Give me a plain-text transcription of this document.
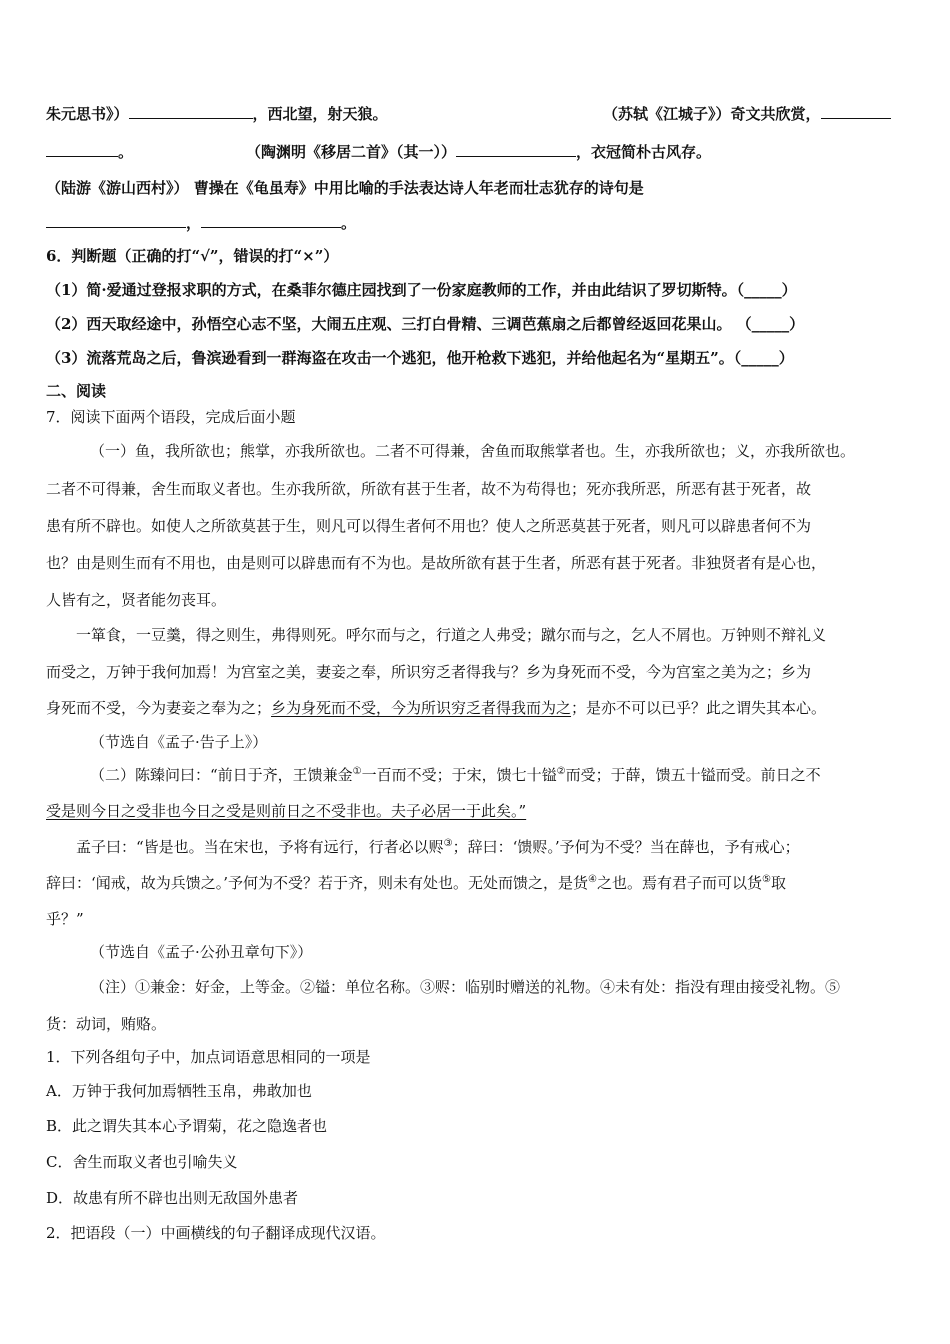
朱元思书》）	，西北望，射天狼。	（苏轼《江城子》）奇文共欣赏，
。	（陶渊明《移居二首》（其一））	，衣冠简朴古风存。
（陆游《游山西村》） 曹操在《龟虽寿》中用比喻的手法表达诗人年老而壮志犹存的诗句是
，	。
6．判断题（正确的打“√”，错误的打“×”）
（1）简·爱通过登报求职的方式，在桑菲尔德庄园找到了一份家庭教师的工作，并由此结识了罗切斯特。（_____）
（2）西天取经途中，孙悟空心志不坚，大闹五庄观、三打白骨精、三调芭蕉扇之后都曾经返回花果山。 （_____）
（3）流落荒岛之后，鲁滨逊看到一群海盗在攻击一个逃犯，他开枪救下逃犯，并给他起名为“星期五”。（_____）
二、阅读
7．阅读下面两个语段，完成后面小题
（一）鱼，我所欲也；熊掌，亦我所欲也。二者不可得兼，舍鱼而取熊掌者也。生，亦我所欲也；义，亦我所欲也。
二者不可得兼，舍生而取义者也。生亦我所欲，所欲有甚于生者，故不为苟得也；死亦我所恶，所恶有甚于死者，故
患有所不辟也。如使人之所欲莫甚于生，则凡可以得生者何不用也？使人之所恶莫甚于死者，则凡可以辟患者何不为
也？由是则生而有不用也，由是则可以辟患而有不为也。是故所欲有甚于生者，所恶有甚于死者。非独贤者有是心也，
人皆有之，贤者能勿丧耳。
一箪食，一豆羹，得之则生，弗得则死。呼尔而与之，行道之人弗受；蹴尔而与之，乞人不屑也。万钟则不辩礼义
而受之，万钟于我何加焉！为宫室之美，妻妾之奉，所识穷乏者得我与？乡为身死而不受，今为宫室之美为之；乡为
身死而不受，今为妻妾之奉为之；乡为身死而不受，今为所识穷乏者得我而为之；是亦不可以已乎？此之谓失其本心。
（节选自《孟子·告子上》）
（二）陈臻问曰：“前日于齐，王馈兼金①一百而不受；于宋，馈七十镒②而受；于薛，馈五十镒而受。前日之不
受是则今日之受非也今日之受是则前日之不受非也。夫子必居一于此矣。”
孟子曰：“皆是也。当在宋也，予将有远行，行者必以赆③；辞曰：‘馈赆。’予何为不受？当在薛也，予有戒心；
辞曰：‘闻戒，故为兵馈之。’予何为不受？若于齐，则未有处也。无处而馈之，是货④之也。焉有君子而可以货⑤取
乎？”
（节选自《孟子·公孙丑章句下》）
（注）①兼金：好金，上等金。②镒：单位名称。③赆：临别时赠送的礼物。④未有处：指没有理由接受礼物。⑤
货：动词，贿赂。
1．下列各组句子中，加点词语意思相同的一项是
A．万钟于我何加焉牺牲玉帛，弗敢加也
B．此之谓失其本心予谓菊，花之隐逸者也
C．舍生而取义者也引喻失义
D．故患有所不辟也出则无敌国外患者
2．把语段（一）中画横线的句子翻译成现代汉语。
